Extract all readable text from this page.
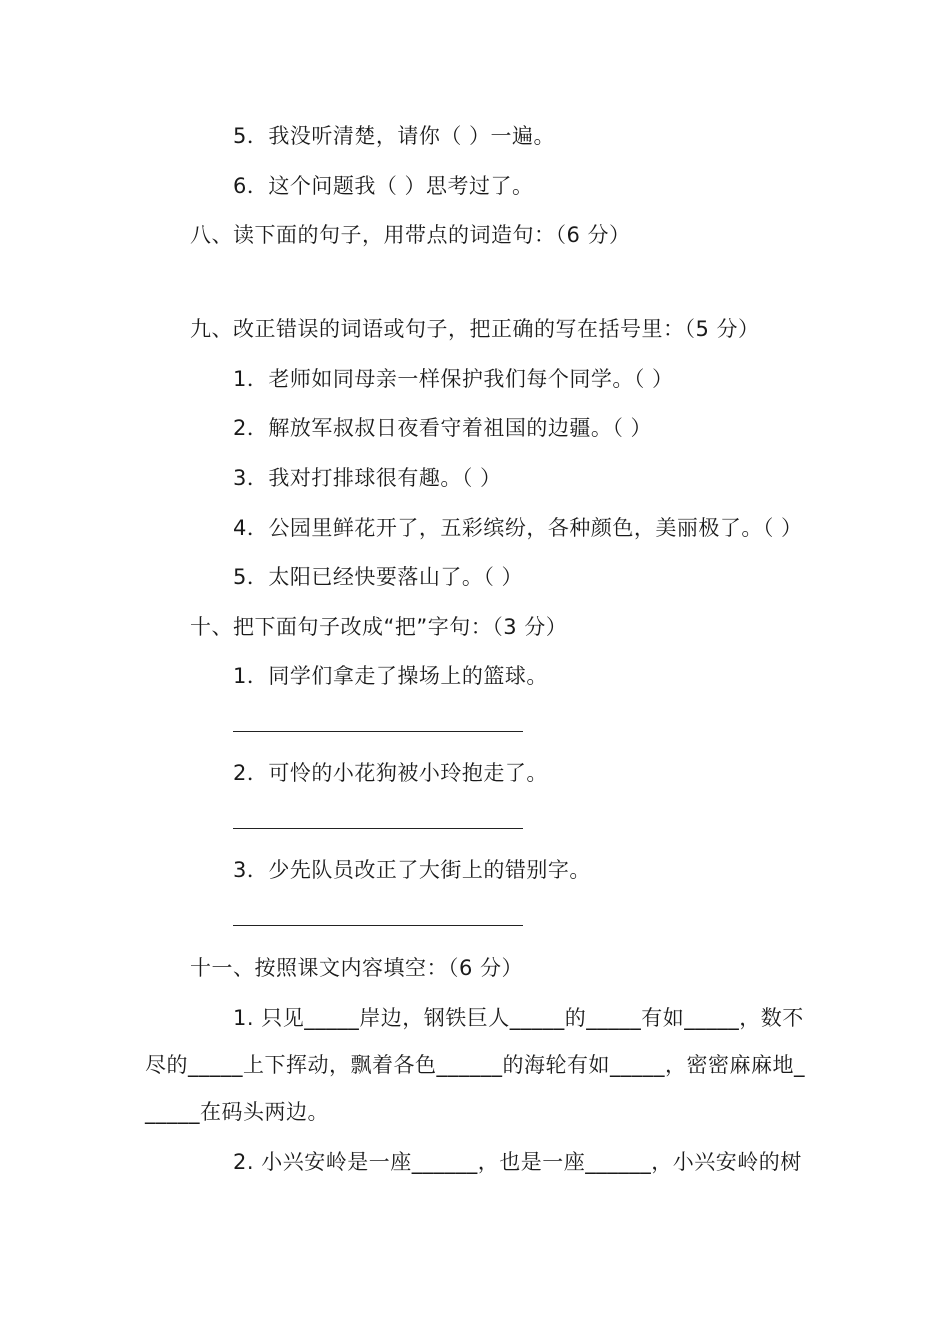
5．我没听清楚，请你（ ）一遍。
6．这个问题我（ ）思考过了。
八、读下面的句子，用带点的词造句：（6 分）
九、改正错误的词语或句子，把正确的写在括号里：（5 分）
1．老师如同母亲一样保护我们每个同学。（ ）
2．解放军叔叔日夜看守着祖国的边疆。（ ）
3．我对打排球很有趣。（ ）
4．公园里鲜花开了，五彩缤纷，各种颜色，美丽极了。（ ）
5．太阳已经快要落山了。（ ）
十、把下面句子改成“把”字句：（3 分）
1．同学们拿走了操场上的篮球。
2．可怜的小花狗被小玲抱走了。
3．少先队员改正了大街上的错别字。
十一、按照课文内容填空：（6 分）
1. 只见_____岸边，钢铁巨人_____的_____有如_____，数不
尽的_____上下挥动，飘着各色______的海轮有如_____，密密麻麻地_
_____在码头两边。
2. 小兴安岭是一座______，也是一座______，小兴安岭的树
